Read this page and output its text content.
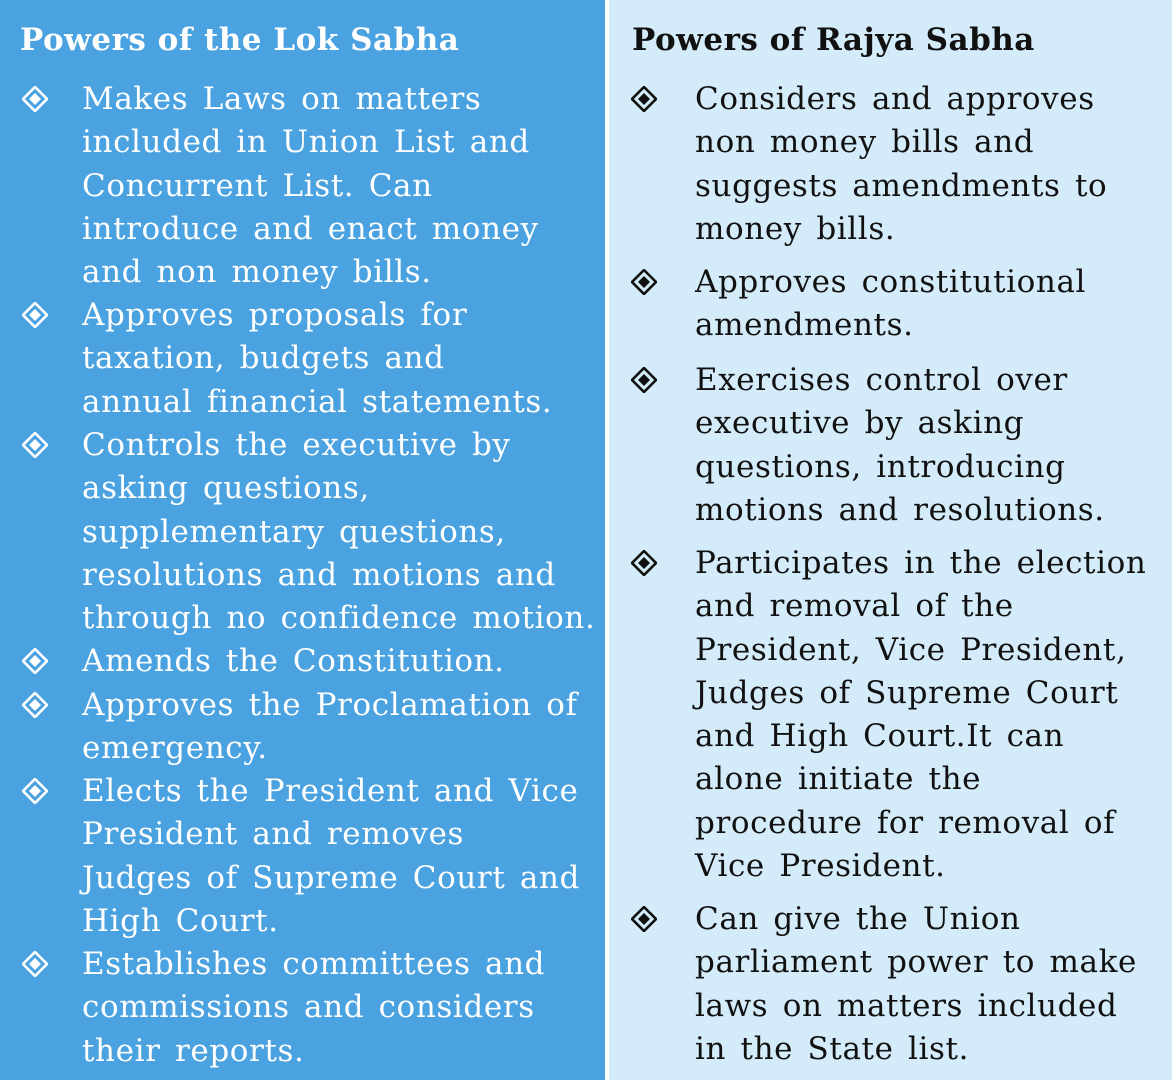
Powers of the Lok Sabha
Makes Laws on matters
included in Union List and
Concurrent List. Can
introduce and enact money
and non money bills.
Approves proposals for
taxation, budgets and
annual financial statements.
Controls the executive by
asking questions,
supplementary questions,
resolutions and motions and
through no confidence motion.
Amends the Constitution.
Approves the Proclamation of
emergency.
Elects the President and Vice
President and removes
Judges of Supreme Court and
High Court.
Establishes committees and
commissions and considers
their reports.
Powers of Rajya Sabha
Considers and approves
non money bills and
suggests amendments to
money bills.
Approves constitutional
amendments.
Exercises control over
executive by asking
questions, introducing
motions and resolutions.
Participates in the election
and removal of the
President, Vice President,
Judges of Supreme Court
and High Court.It can
alone initiate the
procedure for removal of
Vice President.
Can give the Union
parliament power to make
laws on matters included
in the State list.
